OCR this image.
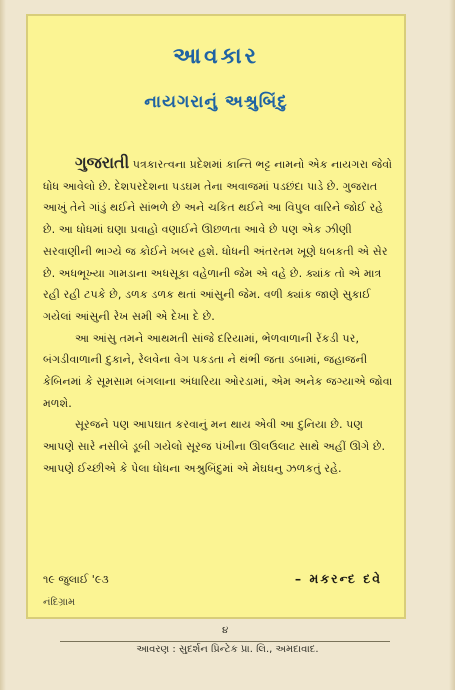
આવકાર
નાયગરાનું અશ્રુબિંદુ

ગુજરાતી પત્રકારત્વના પ્રદેશમાં કાન્તિ ભટ્ટ નામનો એક નાયગરા જેવો ધોધ આવેલો છે. દેશપરદેશના પડઘમ તેના અવાજમાં પડછંદા પાડે છે. ગુજરાત આખું તેને ગાંડું થઈને સાંભળે છે અને ચકિત થઈને આ વિપુલ વારિને જોઈ રહે છે. આ ધોધમાં ઘણા પ્રવાહો વણાઈને ઊછળતા આવે છે પણ એક ઝીણી સરવાણીની ભાગ્યે જ કોઈને ખબર હશે. ધોધની અંતરતમ ખૂણે ધબકતી એ સેર છે. અધભૂખ્યા ગામડાના અધસૂકા વહેળાની જેમ એ વહે છે. ક્યાંક તો એ માત્ર રહી રહી ટપકે છે, ડળક ડળક થતાં આંસુની જેમ. વળી ક્યાંક જાણે સુકાઈ ગયેલાં આંસુની રેખ સમી એ દેખા દે છે.

આ આંસુ તમને આથમતી સાંજે દરિયામાં, ભેળવાળાની રેંકડી પર, બંગડીવાળાની દુકાને, રેલવેના વેગ પકડતા ને થંભી જતા ડબામાં, જહાજની કેબિનમાં કે સૂમસામ બંગલાના અંધારિયા ઓરડામાં, એમ અનેક જગ્યાએ જોવા મળશે.

સૂરજને પણ આપઘાત કરવાનું મન થાય એવી આ દુનિયા છે. પણ આપણે સારે નસીબે ડૂબી ગયેલો સૂરજ પંખીના ઊલઉલાટ સાથે અહીં ઊગે છે. આપણે ઈચ્છીએ કે પેલા ધોધના અશ્રુબિંદુમાં એ મેઘધનુ ઝળકતું રહે.

૧૯ જુલાઈ '૯૩	– મકરન્દ દવે
નંદિગ્રામ
૪
આવરણ : સુદર્શન પ્રિન્ટેક પ્રા. લિ., અમદાવાદ.
